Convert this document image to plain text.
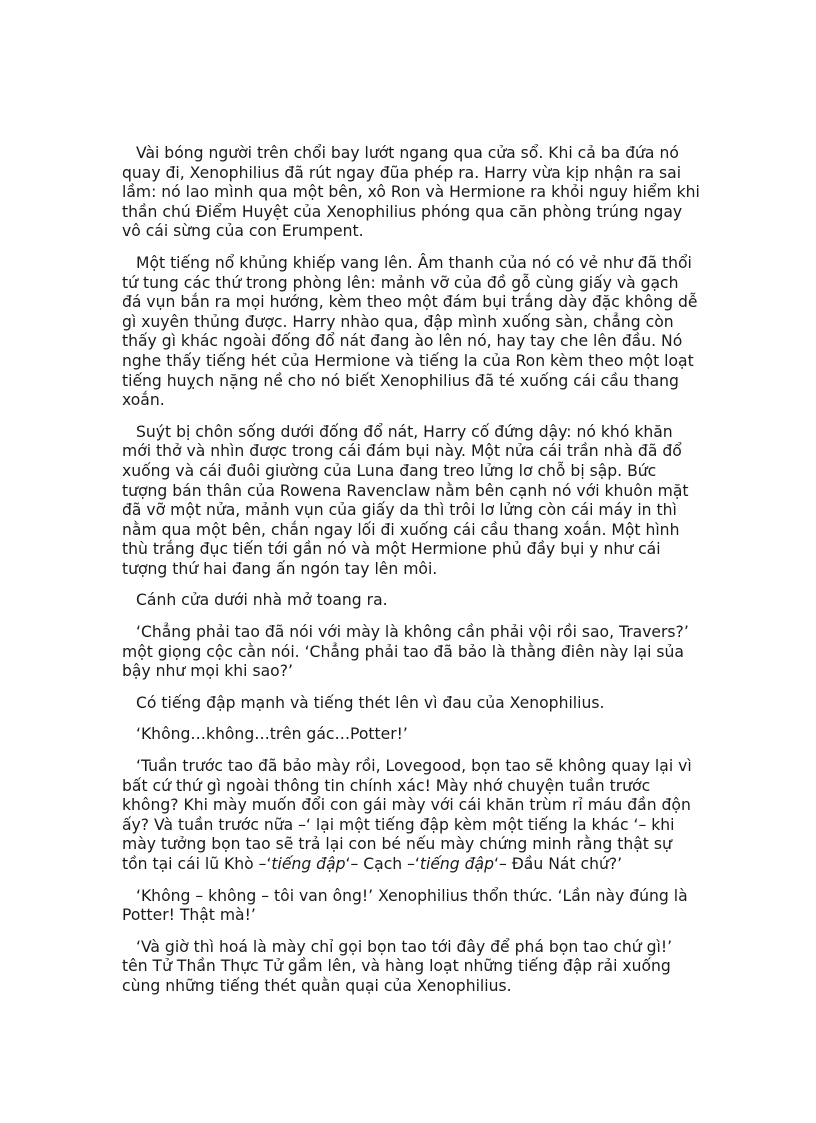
Vài bóng người trên chổi bay lướt ngang qua cửa sổ. Khi cả ba đứa nó quay đi, Xenophilius đã rút ngay đũa phép ra. Harry vừa kịp nhận ra sai lầm: nó lao mình qua một bên, xô Ron và Hermione ra khỏi nguy hiểm khi thần chú Điểm Huyệt của Xenophilius phóng qua căn phòng trúng ngay vô cái sừng của con Erumpent.

Một tiếng nổ khủng khiếp vang lên. Âm thanh của nó có vẻ như đã thổi tứ tung các thứ trong phòng lên: mảnh vỡ của đồ gỗ cùng giấy và gạch đá vụn bắn ra mọi hướng, kèm theo một đám bụi trắng dày đặc không dễ gì xuyên thủng được. Harry nhào qua, đập mình xuống sàn, chẳng còn thấy gì khác ngoài đống đổ nát đang ào lên nó, hay tay che lên đầu. Nó nghe thấy tiếng hét của Hermione và tiếng la của Ron kèm theo một loạt tiếng huỵch nặng nề cho nó biết Xenophilius đã té xuống cái cầu thang xoắn.

Suýt bị chôn sống dưới đống đổ nát, Harry cố đứng dậy: nó khó khăn mới thở và nhìn được trong cái đám bụi này. Một nửa cái trần nhà đã đổ xuống và cái đuôi giường của Luna đang treo lửng lơ chỗ bị sập. Bức tượng bán thân của Rowena Ravenclaw nằm bên cạnh nó với khuôn mặt đã vỡ một nửa, mảnh vụn của giấy da thì trôi lơ lửng còn cái máy in thì nằm qua một bên, chắn ngay lối đi xuống cái cầu thang xoắn. Một hình thù trắng đục tiến tới gần nó và một Hermione phủ đầy bụi y như cái tượng thứ hai đang ấn ngón tay lên môi.

Cánh cửa dưới nhà mở toang ra.

‘Chẳng phải tao đã nói với mày là không cần phải vội rồi sao, Travers?’ một giọng cộc cằn nói. ‘Chẳng phải tao đã bảo là thằng điên này lại sủa bậy như mọi khi sao?’

Có tiếng đập mạnh và tiếng thét lên vì đau của Xenophilius.

‘Không…không…trên gác…Potter!’

‘Tuần trước tao đã bảo mày rồi, Lovegood, bọn tao sẽ không quay lại vì bất cứ thứ gì ngoài thông tin chính xác! Mày nhớ chuyện tuần trước không? Khi mày muốn đổi con gái mày với cái khăn trùm rỉ máu đần độn ấy? Và tuần trước nữa –‘ lại một tiếng đập kèm một tiếng la khác ‘– khi mày tưởng bọn tao sẽ trả lại con bé nếu mày chứng minh rằng thật sự tồn tại cái lũ Khò –‘tiếng đập‘– Cạch –‘tiếng đập‘– Đầu Nát chứ?’

‘Không – không – tôi van ông!’ Xenophilius thổn thức. ‘Lần này đúng là Potter! Thật mà!’

‘Và giờ thì hoá là mày chỉ gọi bọn tao tới đây để phá bọn tao chứ gì!’ tên Tử Thần Thực Tử gầm lên, và hàng loạt những tiếng đập rải xuống cùng những tiếng thét quằn quại của Xenophilius.
